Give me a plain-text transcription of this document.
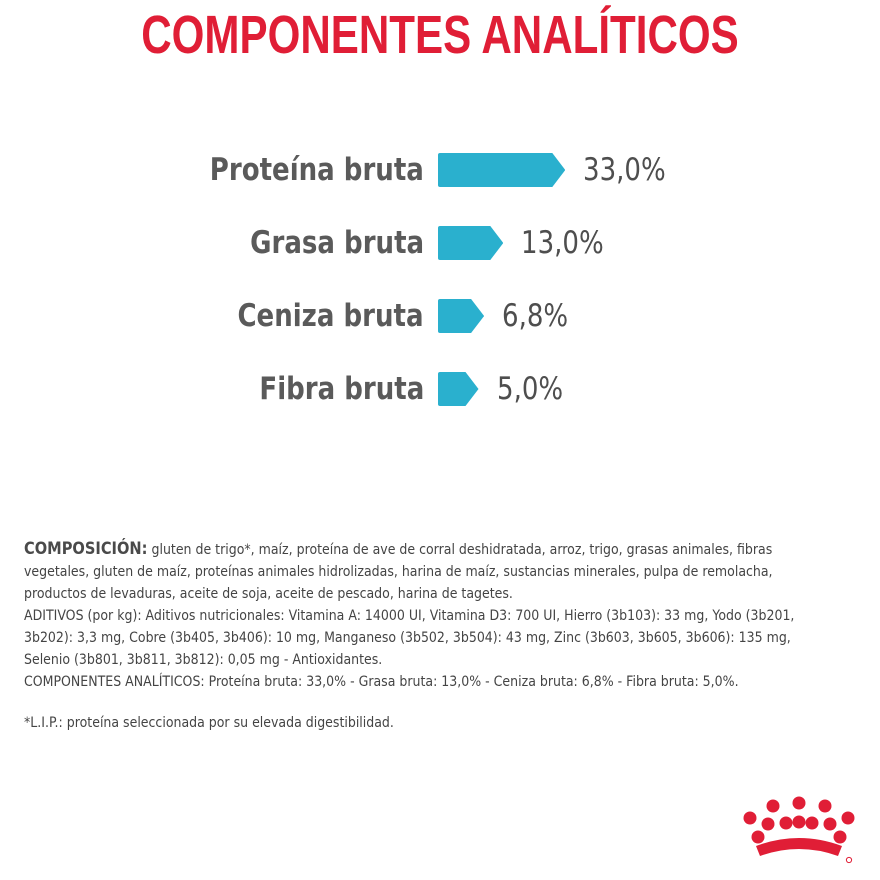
COMPONENTES ANALÍTICOS
Proteína bruta	33,0%
Grasa bruta	13,0%
Ceniza bruta	6,8%
Fibra bruta 5,0%

COMPOSICIÓN: gluten de trigo*, maíz, proteína de ave de corral deshidratada, arroz, trigo, grasas animales, fibras

vegetales, gluten de maíz, proteínas animales hidrolizadas, harina de maíz, sustancias minerales, pulpa de remolacha,

productos de levaduras, aceite de soja, aceite de pescado, harina de tagetes.

ADITIVOS (por kg): Aditivos nutricionales: Vitamina A: 14000 UI, Vitamina D3: 700 UI, Hierro (3b103): 33 mg, Yodo (3b201,

3b202): 3,3 mg, Cobre (3b405, 3b406): 10 mg, Manganeso (3b502, 3b504): 43 mg, Zinc (3b603, 3b605, 3b606): 135 mg,

Selenio (3b801, 3b811, 3b812): 0,05 mg - Antioxidantes.

COMPONENTES ANALÍTICOS: Proteína bruta: 33,0% - Grasa bruta: 13,0% - Ceniza bruta: 6,8% - Fibra bruta: 5,0%.

*L.I.P.: proteína seleccionada por su elevada digestibilidad.
